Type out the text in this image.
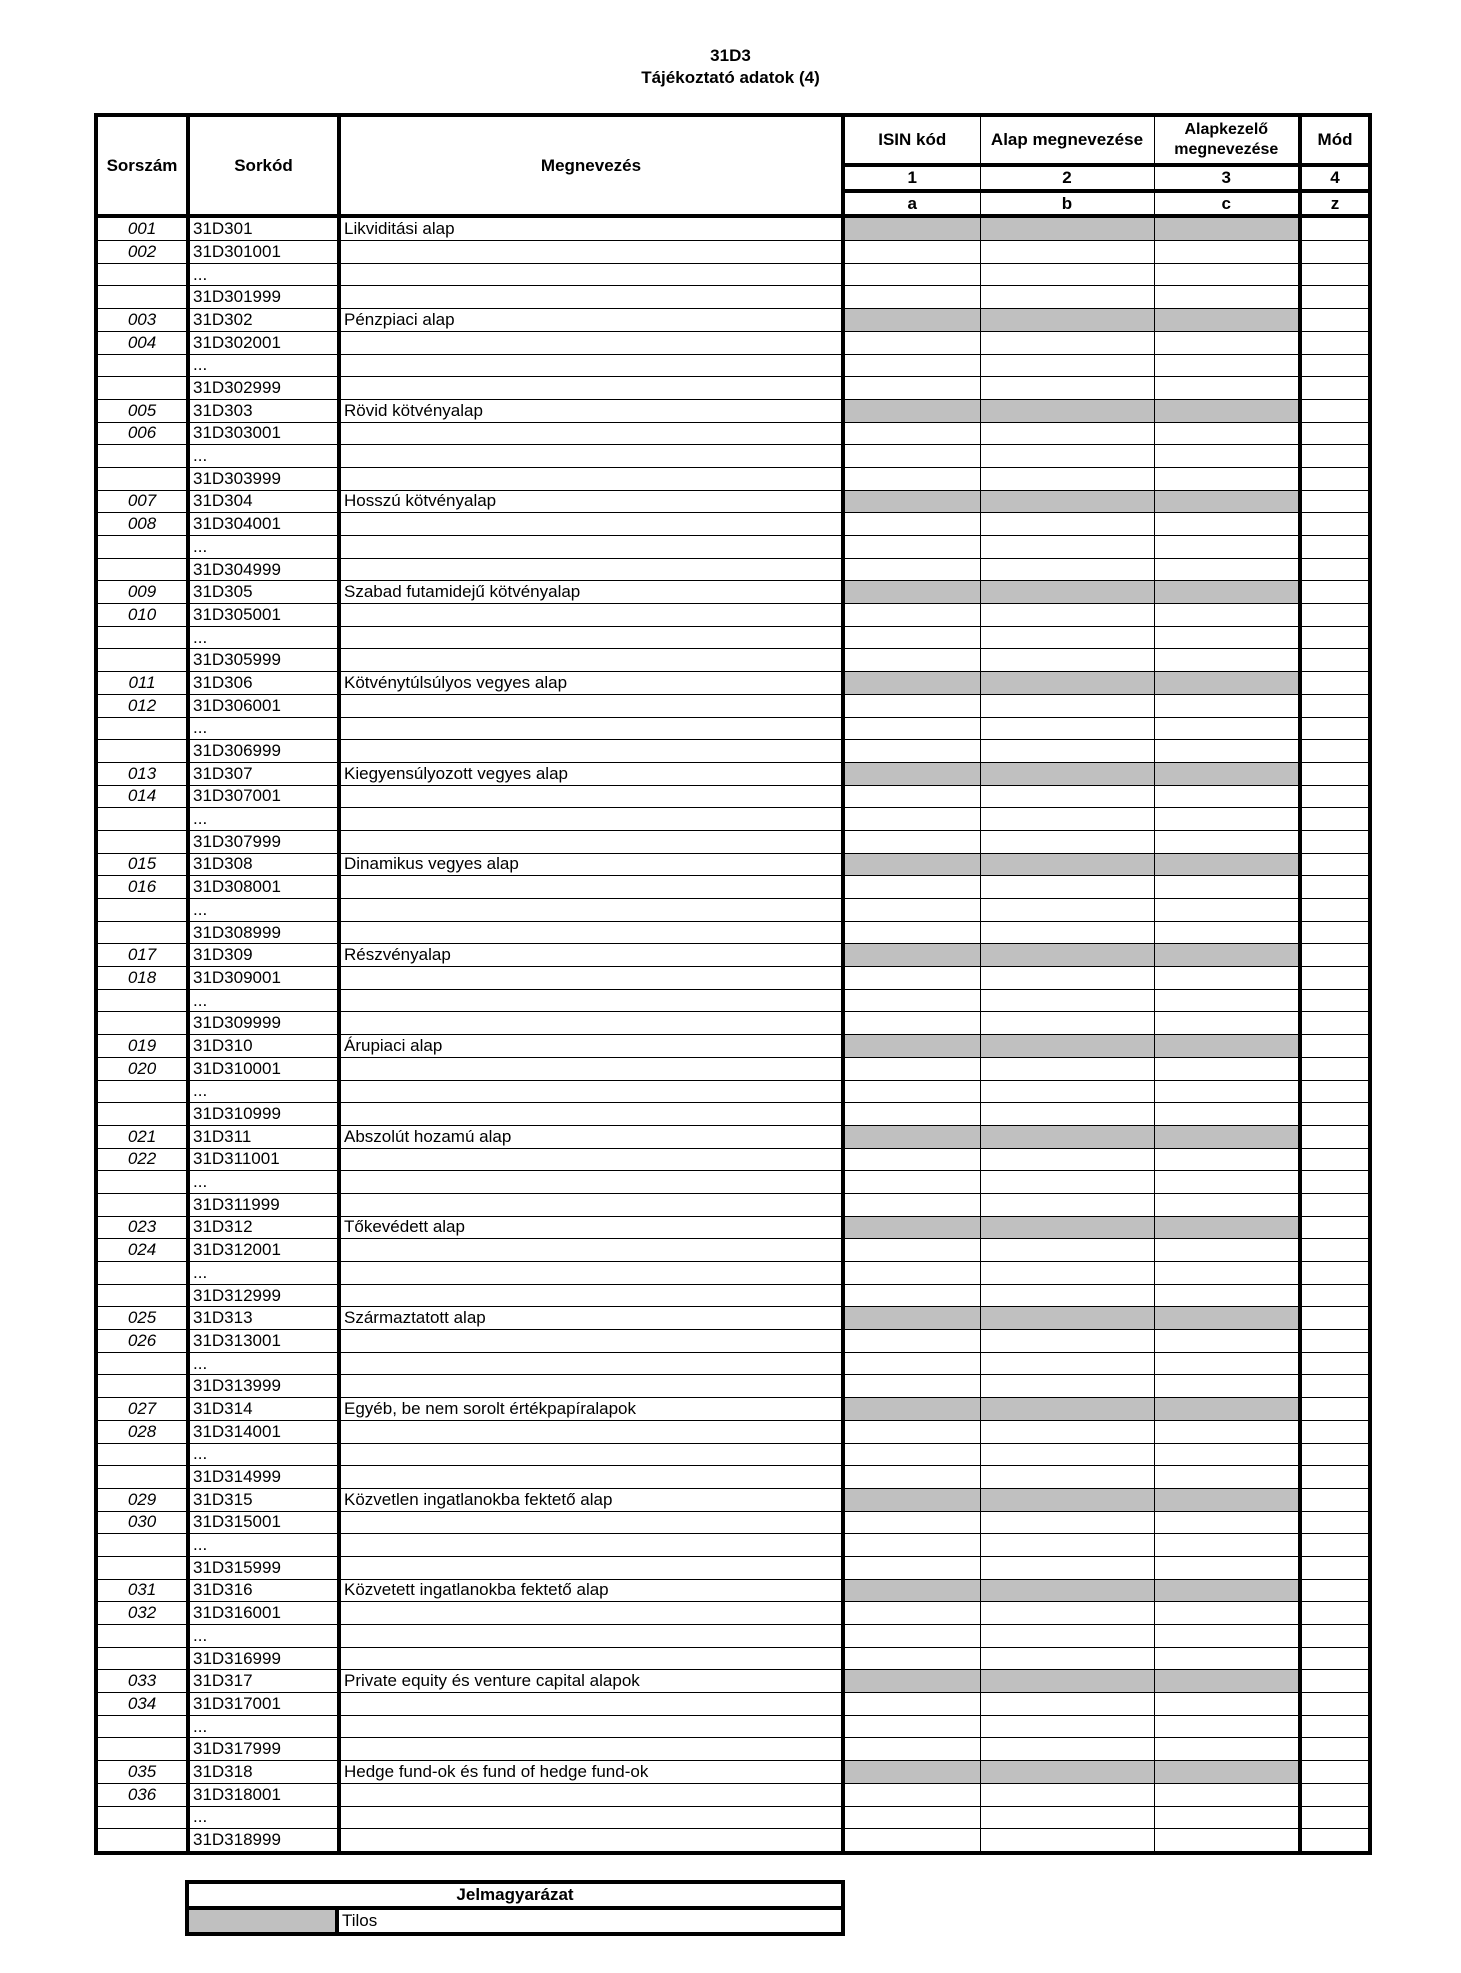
31D3
Tájékoztató adatok (4)
Sorszám	Sorkód	Megnevezés	ISIN kód	Alap megnevezése	Alapkezelő megnevezése	Mód
			1	2	3	4
			a	b	c	z
001	31D301	Likviditási alap				
002	31D301001					
	...					
	31D301999					
003	31D302	Pénzpiaci alap				
004	31D302001					
	...					
	31D302999					
005	31D303	Rövid kötvényalap				
006	31D303001					
	...					
	31D303999					
007	31D304	Hosszú kötvényalap				
008	31D304001					
	...					
	31D304999					
009	31D305	Szabad futamidejű kötvényalap				
010	31D305001					
	...					
	31D305999					
011	31D306	Kötvénytúlsúlyos vegyes alap				
012	31D306001					
	...					
	31D306999					
013	31D307	Kiegyensúlyozott vegyes alap				
014	31D307001					
	...					
	31D307999					
015	31D308	Dinamikus vegyes alap				
016	31D308001					
	...					
	31D308999					
017	31D309	Részvényalap				
018	31D309001					
	...					
	31D309999					
019	31D310	Árupiaci alap				
020	31D310001					
	...					
	31D310999					
021	31D311	Abszolút hozamú alap				
022	31D311001					
	...					
	31D311999					
023	31D312	Tőkevédett alap				
024	31D312001					
	...					
	31D312999					
025	31D313	Származtatott alap				
026	31D313001					
	...					
	31D313999					
027	31D314	Egyéb, be nem sorolt értékpapíralapok				
028	31D314001					
	...					
	31D314999					
029	31D315	Közvetlen ingatlanokba fektető alap				
030	31D315001					
	...					
	31D315999					
031	31D316	Közvetett ingatlanokba fektető alap				
032	31D316001					
	...					
	31D316999					
033	31D317	Private equity és venture capital alapok				
034	31D317001					
	...					
	31D317999					
035	31D318	Hedge fund-ok és fund of hedge fund-ok				
036	31D318001					
	...					
	31D318999					
Jelmagyarázat
	Tilos
